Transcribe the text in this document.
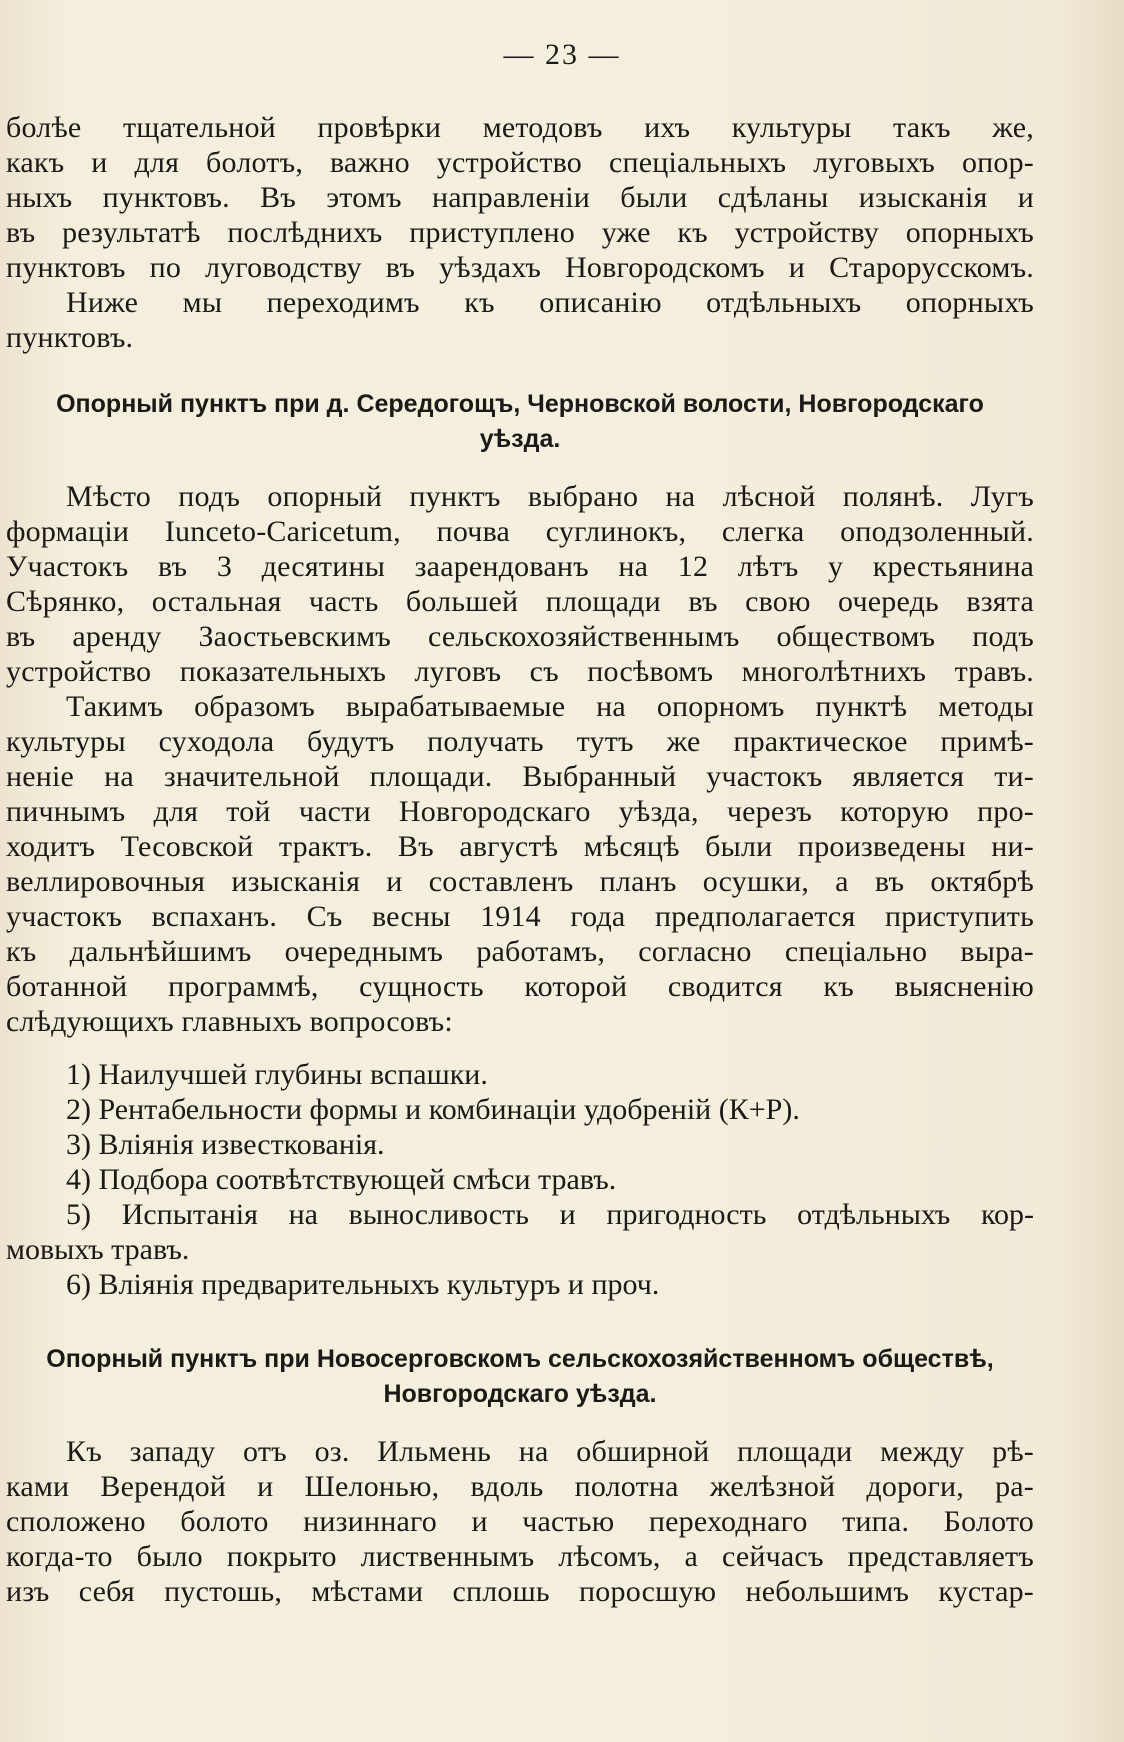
— 23 —

болѣе тщательной провѣрки методовъ ихъ культуры такъ же,
какъ и для болотъ, важно устройство спеціальныхъ луговыхъ опор-
ныхъ пунктовъ. Въ этомъ направленіи были сдѣланы изысканія и
въ результатѣ послѣднихъ приступлено уже къ устройству опорныхъ
пунктовъ по луговодству въ уѣздахъ Новгородскомъ и Старорусскомъ.

Ниже мы переходимъ къ описанію отдѣльныхъ опорныхъ
пунктовъ.

Опорный пунктъ при д. Середогощъ, Черновской волости, Новгородскаго
уѣзда.

Мѣсто подъ опорный пунктъ выбрано на лѣсной полянѣ. Лугъ
формаціи Iunceto-Caricetum, почва суглинокъ, слегка оподзоленный.
Участокъ въ 3 десятины заарендованъ на 12 лѣтъ у крестьянина
Сѣрянко, остальная часть большей площади въ свою очередь взята
въ аренду Заостьевскимъ сельскохозяйственнымъ обществомъ подъ
устройство показательныхъ луговъ съ посѣвомъ многолѣтнихъ травъ.

Такимъ образомъ вырабатываемые на опорномъ пунктѣ методы
культуры суходола будутъ получать тутъ же практическое примѣ-
неніе на значительной площади. Выбранный участокъ является ти-
пичнымъ для той части Новгородскаго уѣзда, черезъ которую про-
ходитъ Тесовской трактъ. Въ августѣ мѣсяцѣ были произведены ни-
веллировочныя изысканія и составленъ планъ осушки, а въ октябрѣ
участокъ вспаханъ. Съ весны 1914 года предполагается приступить
къ дальнѣйшимъ очереднымъ работамъ, согласно спеціально выра-
ботанной программѣ, сущность которой сводится къ выясненію
слѣдующихъ главныхъ вопросовъ:

1) Наилучшей глубины вспашки.
2) Рентабельности формы и комбинаціи удобреній (К+Р).
3) Вліянія известкованія.
4) Подбора соотвѣтствующей смѣси травъ.
5) Испытанія на выносливость и пригодность отдѣльныхъ кор-
мовыхъ травъ.
6) Вліянія предварительныхъ культуръ и проч.
Опорный пунктъ при Новосерговскомъ сельскохозяйственномъ обществѣ,
Новгородскаго уѣзда.

Къ западу отъ оз. Ильмень на обширной площади между рѣ-
ками Верендой и Шелонью, вдоль полотна желѣзной дороги, ра-
сположено болото низиннаго и частью переходнаго типа. Болото
когда-то было покрыто лиственнымъ лѣсомъ, а сейчасъ представляетъ
изъ себя пустошь, мѣстами сплошь поросшую небольшимъ кустар-
